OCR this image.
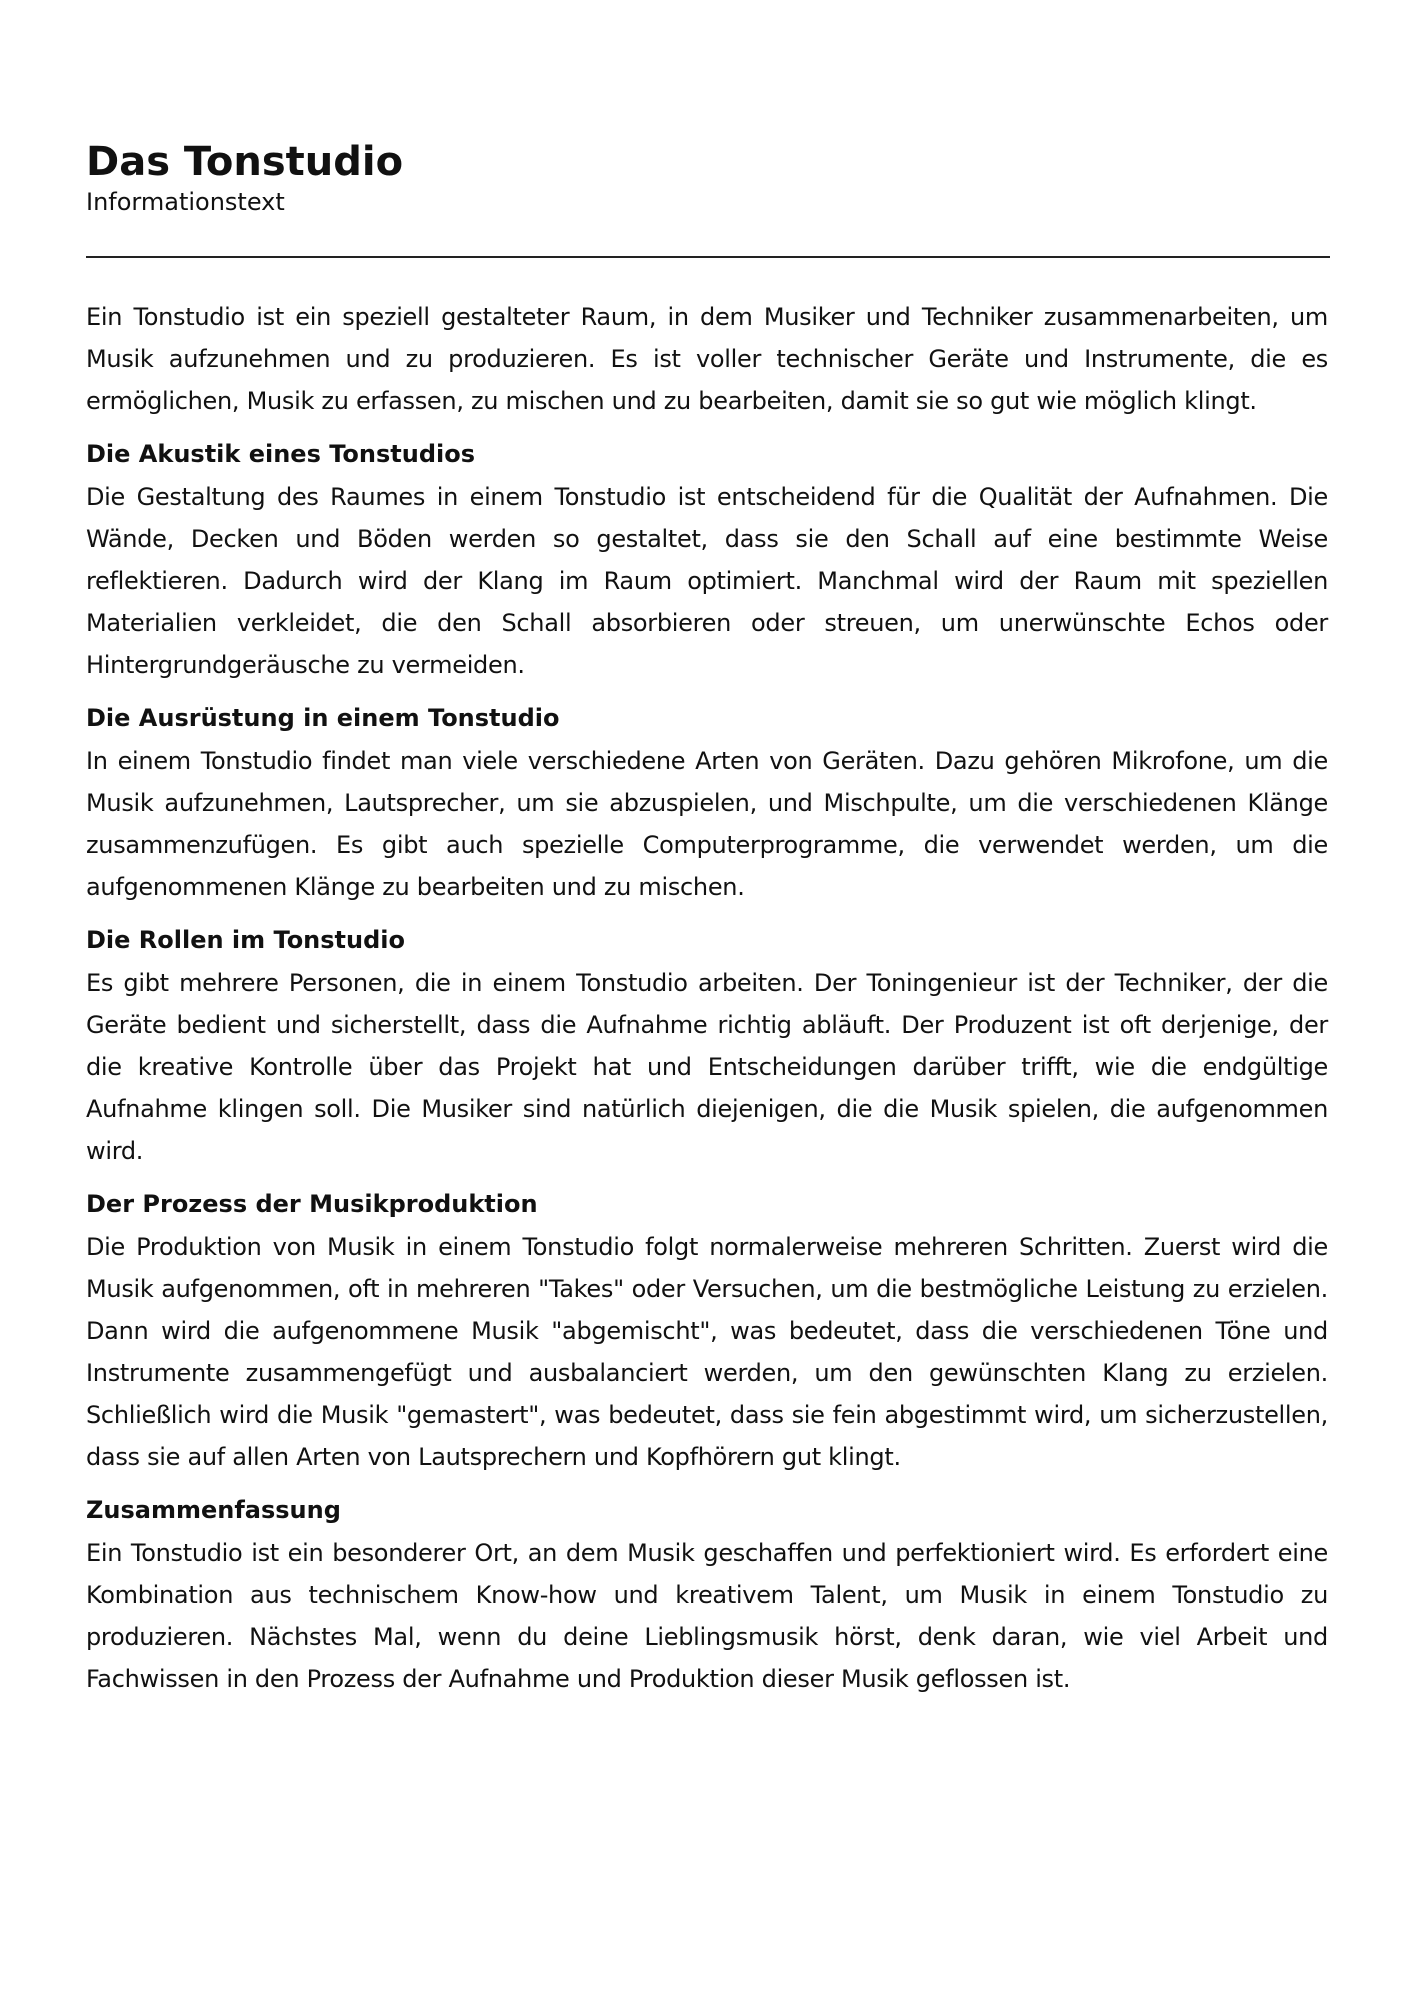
Das Tonstudio
Informationstext

Ein Tonstudio ist ein speziell gestalteter Raum, in dem Musiker und Techniker zusammenarbeiten, um Musik aufzunehmen und zu produzieren. Es ist voller technischer Geräte und Instrumente, die es ermöglichen, Musik zu erfassen, zu mischen und zu bearbeiten, damit sie so gut wie möglich klingt.

Die Akustik eines Tonstudios

Die Gestaltung des Raumes in einem Tonstudio ist entscheidend für die Qualität der Aufnahmen. Die Wände, Decken und Böden werden so gestaltet, dass sie den Schall auf eine bestimmte Weise reflektieren. Dadurch wird der Klang im Raum optimiert. Manchmal wird der Raum mit speziellen Materialien verkleidet, die den Schall absorbieren oder streuen, um unerwünschte Echos oder Hintergrundgeräusche zu vermeiden.

Die Ausrüstung in einem Tonstudio

In einem Tonstudio findet man viele verschiedene Arten von Geräten. Dazu gehören Mikrofone, um die Musik aufzunehmen, Lautsprecher, um sie abzuspielen, und Mischpulte, um die verschiedenen Klänge zusammenzufügen. Es gibt auch spezielle Computerprogramme, die verwendet werden, um die aufgenommenen Klänge zu bearbeiten und zu mischen.

Die Rollen im Tonstudio

Es gibt mehrere Personen, die in einem Tonstudio arbeiten. Der Toningenieur ist der Techniker, der die Geräte bedient und sicherstellt, dass die Aufnahme richtig abläuft. Der Produzent ist oft derjenige, der die kreative Kontrolle über das Projekt hat und Entscheidungen darüber trifft, wie die endgültige Aufnahme klingen soll. Die Musiker sind natürlich diejenigen, die die Musik spielen, die aufgenommen wird.

Der Prozess der Musikproduktion

Die Produktion von Musik in einem Tonstudio folgt normalerweise mehreren Schritten. Zuerst wird die Musik aufgenommen, oft in mehreren "Takes" oder Versuchen, um die bestmögliche Leistung zu erzielen. Dann wird die aufgenommene Musik "abgemischt", was bedeutet, dass die verschiedenen Töne und Instrumente zusammengefügt und ausbalanciert werden, um den gewünschten Klang zu erzielen. Schließlich wird die Musik "gemastert", was bedeutet, dass sie fein abgestimmt wird, um sicherzustellen, dass sie auf allen Arten von Lautsprechern und Kopfhörern gut klingt.

Zusammenfassung

Ein Tonstudio ist ein besonderer Ort, an dem Musik geschaffen und perfektioniert wird. Es erfordert eine Kombination aus technischem Know-how und kreativem Talent, um Musik in einem Tonstudio zu produzieren. Nächstes Mal, wenn du deine Lieblingsmusik hörst, denk daran, wie viel Arbeit und Fachwissen in den Prozess der Aufnahme und Produktion dieser Musik geflossen ist.
